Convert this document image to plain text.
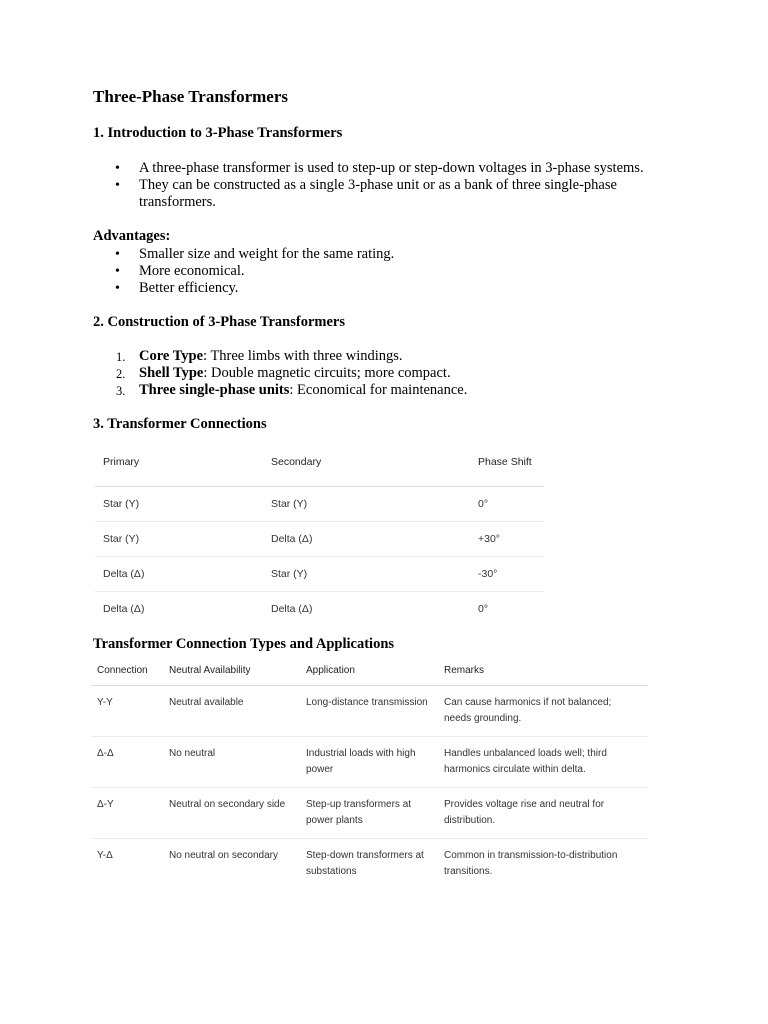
Three-Phase Transformers
1. Introduction to 3-Phase Transformers
• A three-phase transformer is used to step-up or step-down voltages in 3-phase systems.
• They can be constructed as a single 3-phase unit or as a bank of three single-phase transformers.
Advantages:
• Smaller size and weight for the same rating.
• More economical.
• Better efficiency.
2. Construction of 3-Phase Transformers
1. Core Type: Three limbs with three windings.
2. Shell Type: Double magnetic circuits; more compact.
3. Three single-phase units: Economical for maintenance.
3. Transformer Connections
Primary	Secondary	Phase Shift
Star (Y)	Star (Y)	0°
Star (Y)	Delta (Δ)	+30°
Delta (Δ)	Star (Y)	-30°
Delta (Δ)	Delta (Δ)	0°
Transformer Connection Types and Applications
Connection	Neutral Availability	Application	Remarks
Y-Y	Neutral available	Long-distance transmission	Can cause harmonics if not balanced; needs grounding.
Δ-Δ	No neutral	Industrial loads with high power	Handles unbalanced loads well; third harmonics circulate within delta.
Δ-Y	Neutral on secondary side	Step-up transformers at power plants	Provides voltage rise and neutral for distribution.
Y-Δ	No neutral on secondary	Step-down transformers at substations	Common in transmission-to-distribution transitions.
